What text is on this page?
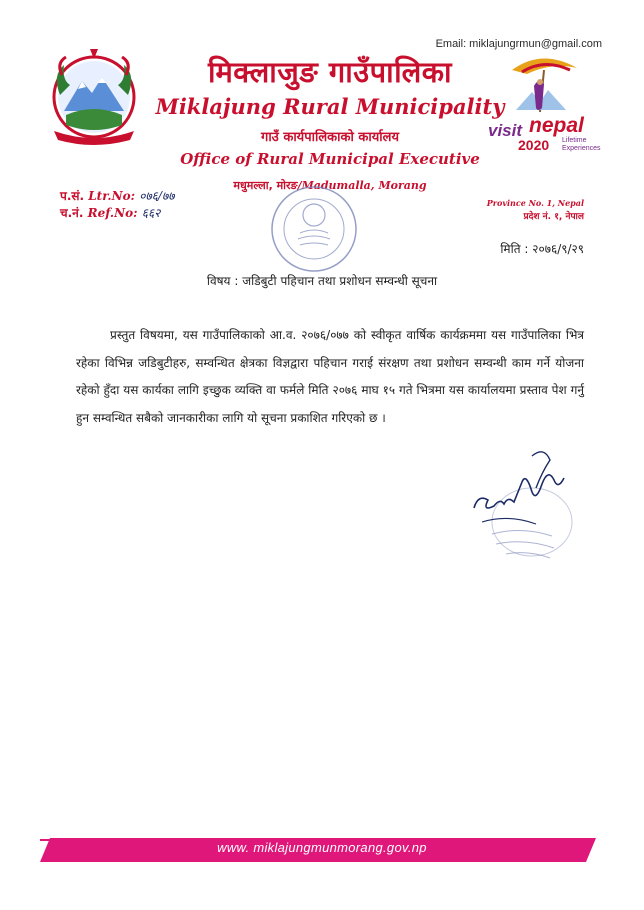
Email: miklajungrmun@gmail.com
मिक्लाजुङ गाउँपालिका
Miklajung Rural Municipality
गाउँ कार्यपालिकाको कार्यालय
Office of Rural Municipal Executive
मधुमल्ला, मोरङ/Madumalla, Morang
visit nepal
2020 Lifetime
Experiences
प.सं. Ltr.No: ०७६/७७
च.नं. Ref.No: ६६२
Province No. 1, Nepal
प्रदेश नं. १, नेपाल
मिति : २०७६/९/२९
विषय : जडिबुटी पहिचान तथा प्रशोधन सम्वन्धी सूचना
प्रस्तुत विषयमा, यस गाउँपालिकाको आ.व. २०७६/०७७ को स्वीकृत वार्षिक कार्यक्रममा यस गाउँपालिका भित्र रहेका विभिन्न जडिबुटीहरु, सम्वन्धित क्षेत्रका विज्ञद्वारा पहिचान गराई संरक्षण तथा प्रशोधन सम्वन्धी काम गर्ने योजना रहेको हुँदा यस कार्यका लागि इच्छुक व्यक्ति वा फर्मले मिति २०७६ माघ १५ गते भित्रमा यस कार्यालयमा प्रस्ताव पेश गर्नु हुन सम्वन्धित सबैको जानकारीका लागि यो सूचना प्रकाशित गरिएको छ ।
www. miklajungmunmorang.gov.np
